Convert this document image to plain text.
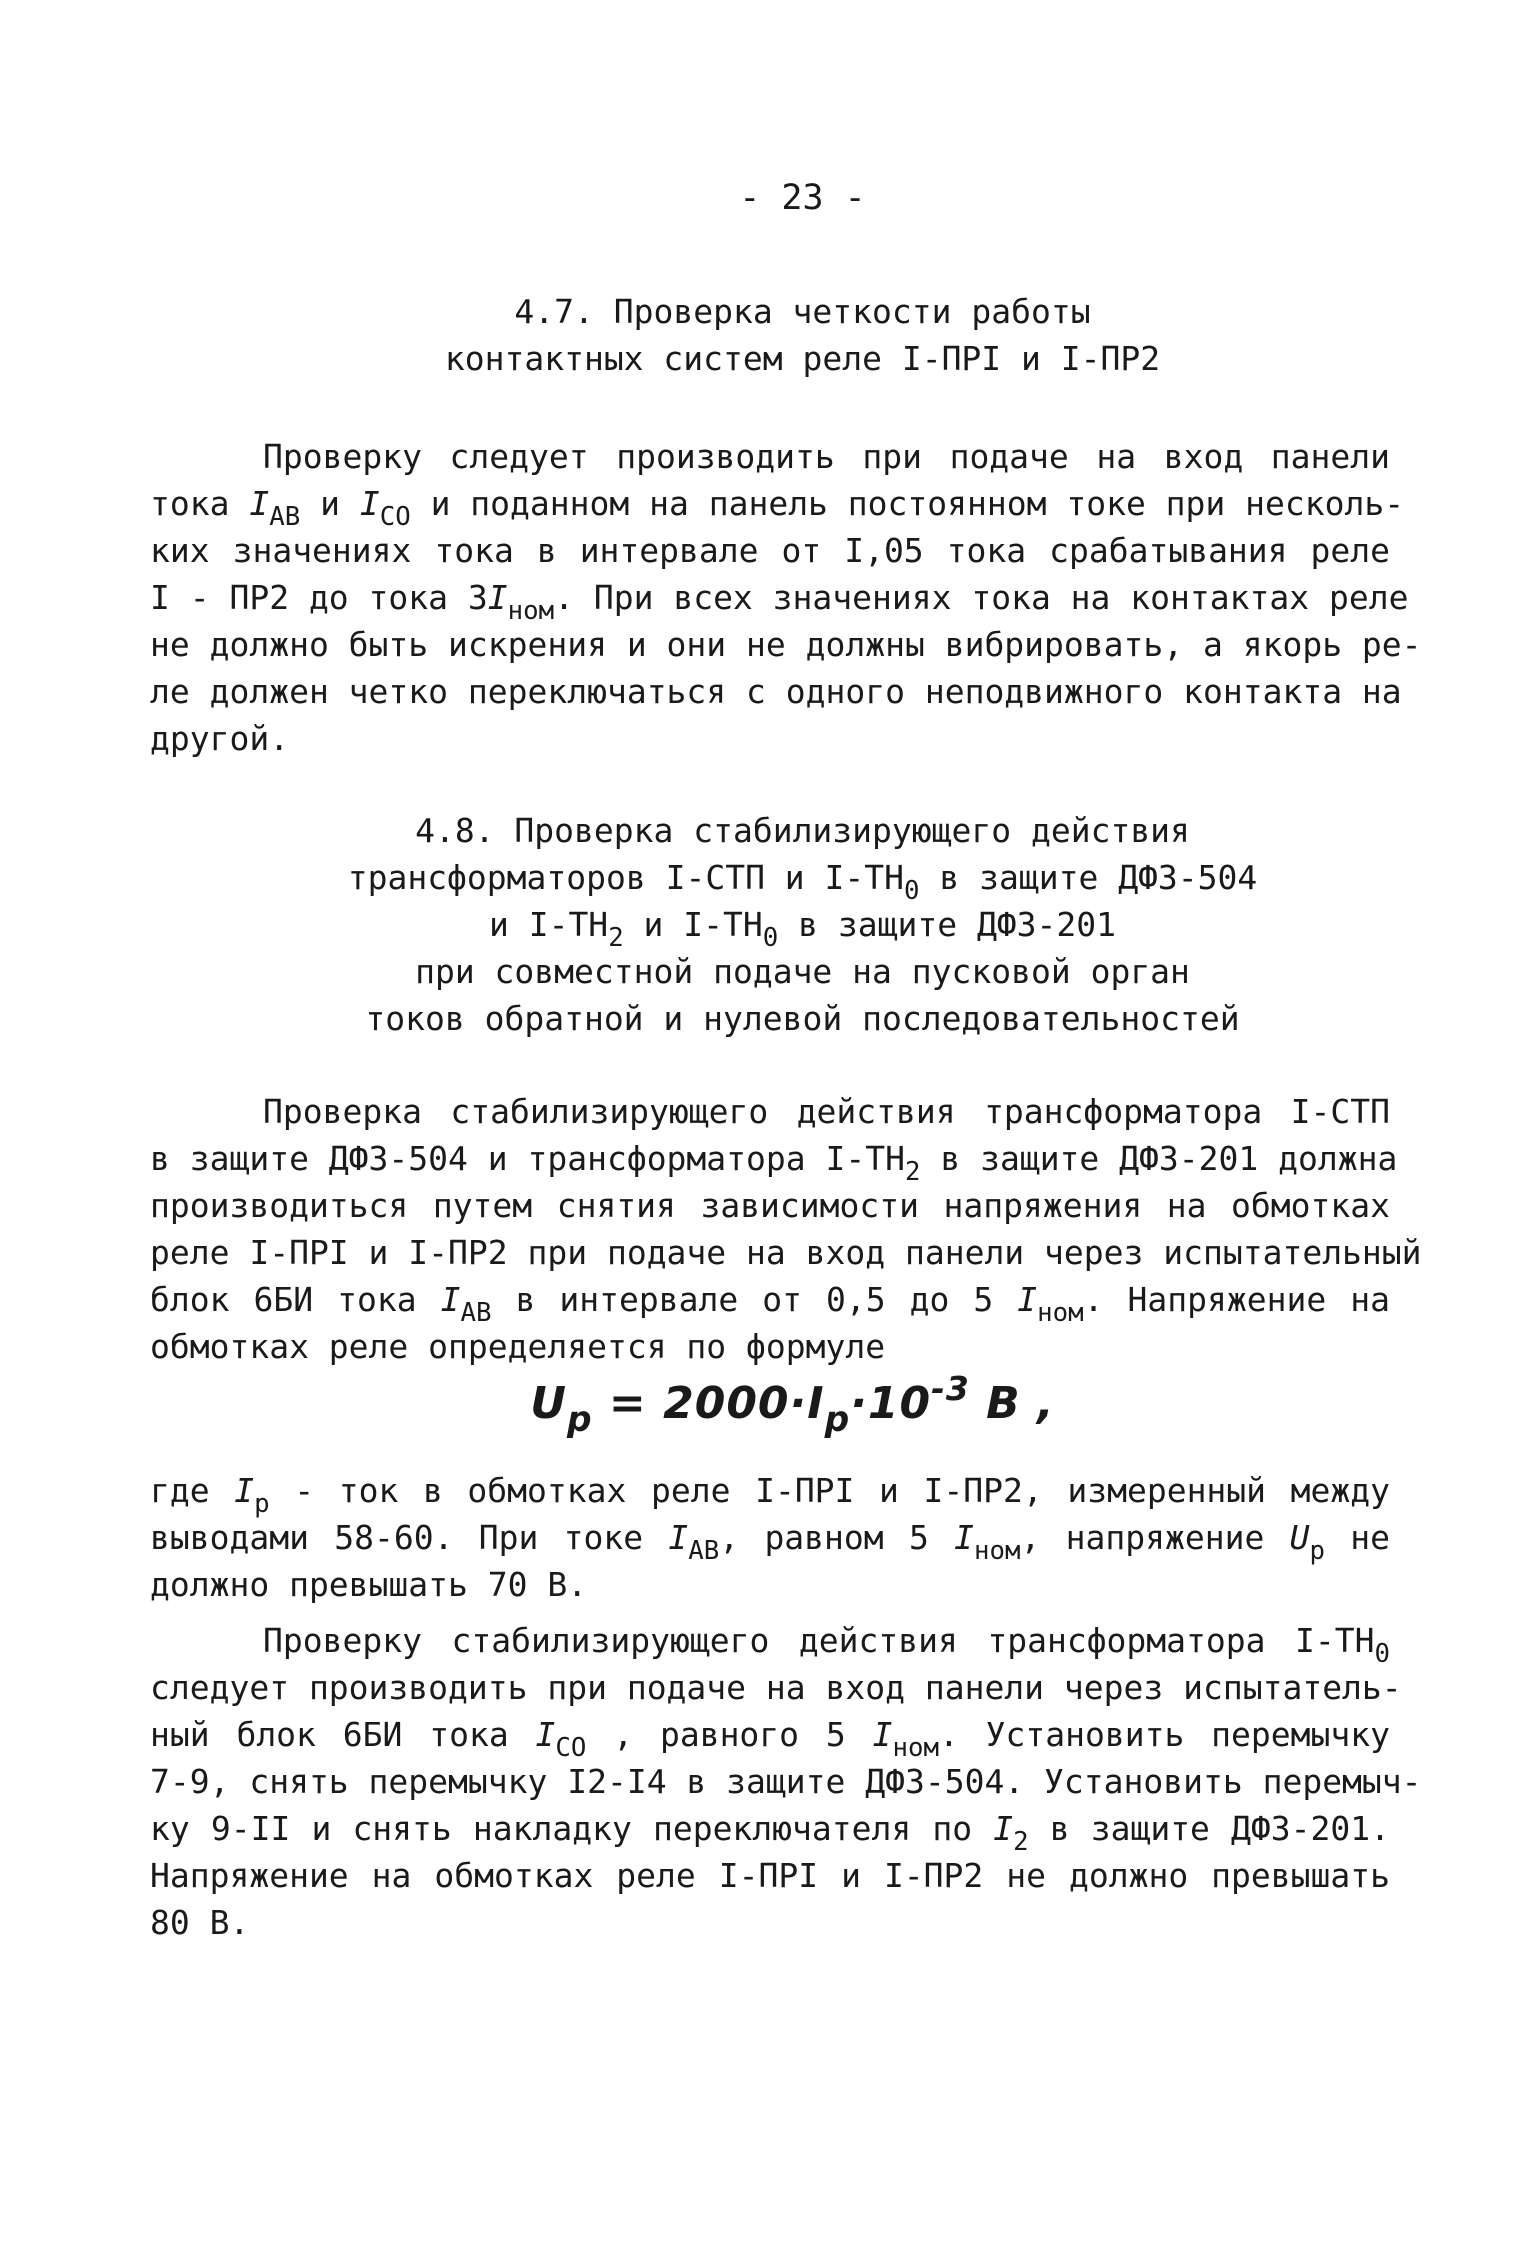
- 23 -
4.7. Проверка четкости работы
контактных систем реле I-ПРI и I-ПР2
Проверку следует производить при подаче на вход панели
тока $I_{AB}$ и $I_{CO}$ и поданном на панель постоянном токе при несколь-
ких значениях тока в интервале от I,05 тока срабатывания реле
I - ПР2 до тока $3I_{ном}$. При всех значениях тока на контактах реле
не должно быть искрения и они не должны вибрировать, а якорь ре-
ле должен четко переключаться с одного неподвижного контакта на
другой.
4.8. Проверка стабилизирующего действия
трансформаторов I-СТП и $I-ТН_0$ в защите ДФЗ-504
и $I-ТН_2$ и $I-ТН_0$ в защите ДФЗ-201
при совместной подаче на пусковой орган
токов обратной и нулевой последовательностей
Проверка стабилизирующего действия трансформатора I-СТП
в защите ДФЗ-504 и трансформатора $I-ТН_2$ в защите ДФЗ-201 должна
производиться путем снятия зависимости напряжения на обмотках
реле I-ПРI и I-ПР2 при подаче на вход панели через испытательный
блок 6БИ тока $I_{AB}$ в интервале от 0,5 до 5 $I_{ном}$. Напряжение на
обмотках реле определяется по формуле
$U_p = 2000\cdot I_p\cdot 10^{-3}$ В ,
где $I_р$ - ток в обмотках реле I-ПРI и I-ПР2, измеренный между
выводами 58-60. При токе $I_{AB}$, равном 5 $I_{ном}$, напряжение $U_p$ не
должно превышать 70 В.
Проверку стабилизирующего действия трансформатора $I-ТН_0$
следует производить при подаче на вход панели через испытатель-
ный блок 6БИ тока $I_{CO}$ , равного 5 $I_{ном}$. Установить перемычку
7-9, снять перемычку I2-I4 в защите ДФЗ-504. Установить перемыч-
ку 9-II и снять накладку переключателя по $I_2$ в защите ДФЗ-201.
Напряжение на обмотках реле I-ПРI и I-ПР2 не должно превышать
80 В.
